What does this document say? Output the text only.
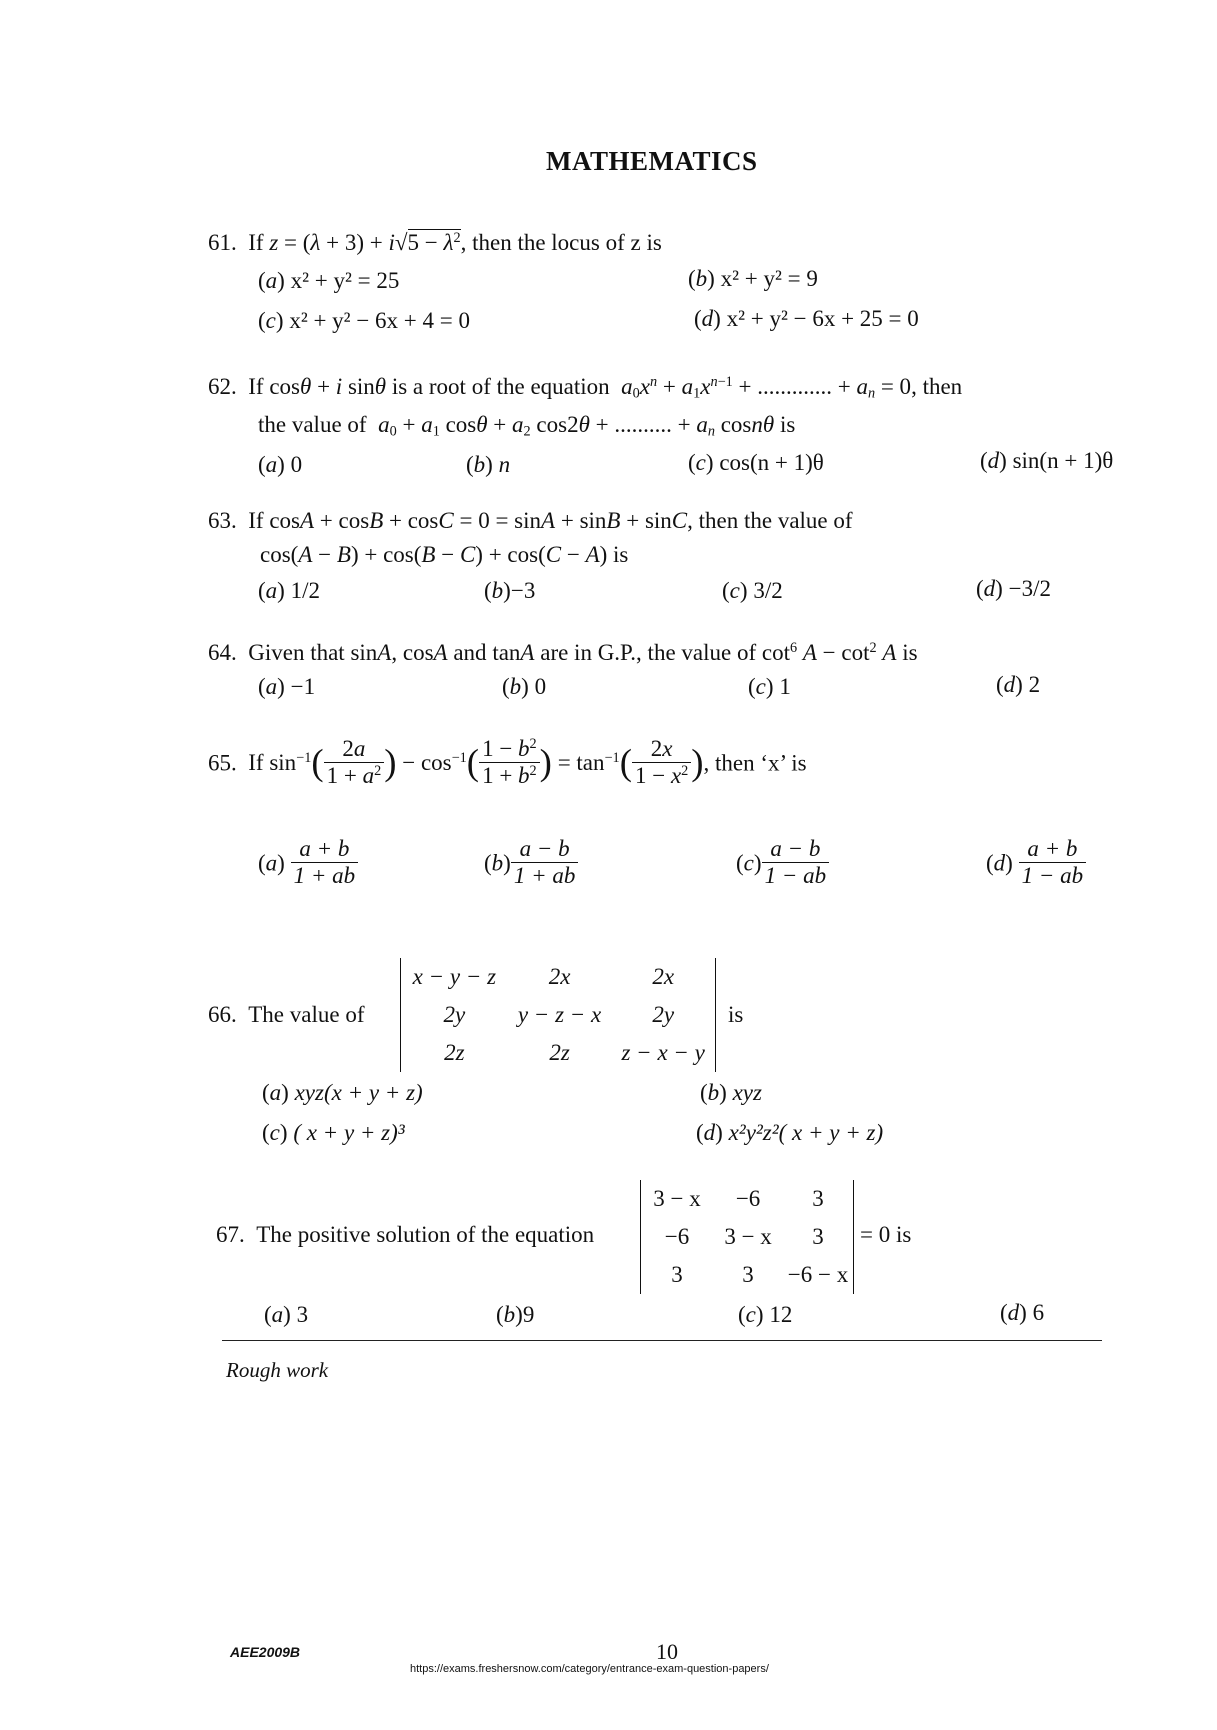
MATHEMATICS
61.  If $z = (\lambda + 3) + i√5 - \lambda^2$, then the locus of z is
(a) x² + y² = 25	(b) x² + y² = 9
(c) x² + y² − 6x + 4 = 0	(d) x² + y² − 6x + 25 = 0
62. If cosθ + i sinθ is a root of the equation $a_0x^n + a_1x^{n-1}$ + ............. + $a_n = 0$, then
the value of $a_0 + a_1$ $\cos\theta + a_2$ cos2θ + .......... + $a_n$ cosnθ is
(a) 0	(b) n	(c) cos(n + 1)θ	(d) sin(n + 1)θ
63.  If cosA + cosB + cosC = 0 = sinA + sinB + sinC, then the value of
cos(A − B) + cos(B − C) + cos(C − A) is
(a) 1/2	(b)−3	(c) 3/2	(d) −3/2
64. Given that sinA, cosA and tanA are in G.P., the value of $\cot^6 A - \cot^2 A$ is
(a) −1	(b) 0	(c) 1	(d) 2
65. If $\sin^{-1}( \frac{2a}{1 + a^2}$ ) − $\cos^{-1}( \frac{1 - b^2}{1 + b^2}$ ) = $\tan^{-1}( \frac{2x}{1 - x^2}$ ), then ‘x’ is
$(a) \frac{a + b}{1 + ab}$	$(b) \frac{a - b}{1 + ab}$	$(c) \frac{a - b}{1 - ab}$	$(d) \frac{a + b}{1 - ab}$
66. The value of
x − y − z	2x	2x
2y	y − z − x	2y
2z	2z	z − x − y
is
(a) xyz(x + y + z)	(b) xyz
(c) ( x + y + z)³	(d) x²y²z²( x + y + z)
67. The positive solution of the equation
3 − x	−6	3
−6	3 − x	3
3	3	−6 − x
= 0 is
(a) 3	(b)9	(c) 12	(d) 6
Rough work
AEE2009B	10
https://exams.freshersnow.com/category/entrance-exam-question-papers/
